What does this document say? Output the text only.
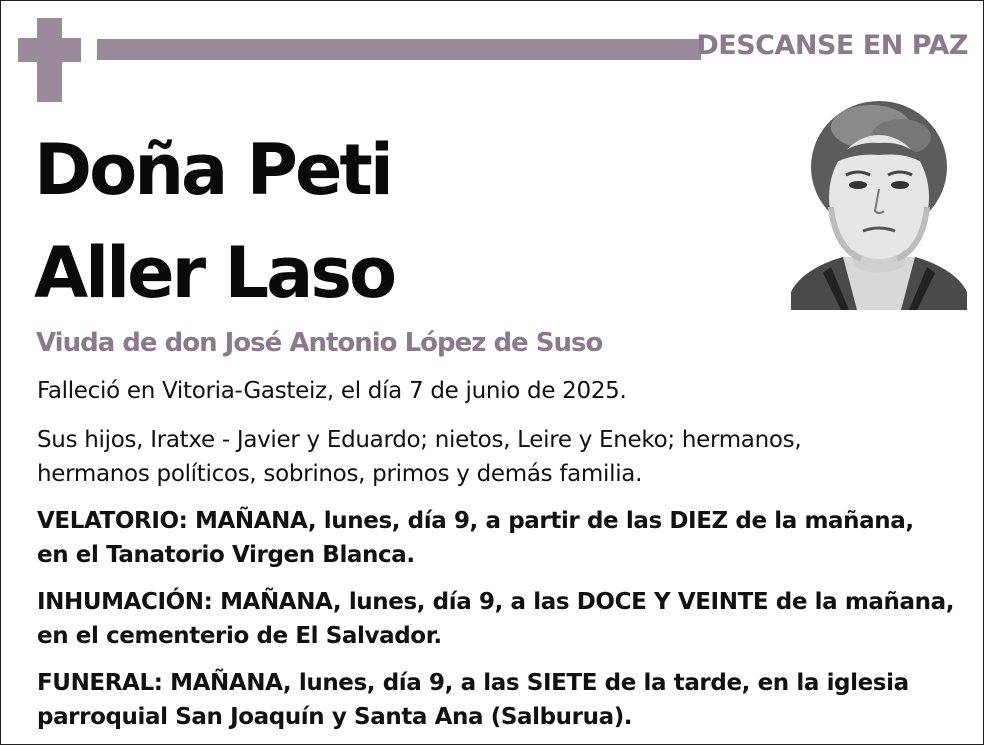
DESCANSE EN PAZ
Doña Peti
Aller Laso
Viuda de don José Antonio López de Suso
Falleció en Vitoria-Gasteiz, el día 7 de junio de 2025.
Sus hijos, Iratxe - Javier y Eduardo; nietos, Leire y Eneko; hermanos,
hermanos políticos, sobrinos, primos y demás familia.
VELATORIO: MAÑANA, lunes, día 9, a partir de las DIEZ de la mañana,
en el Tanatorio Virgen Blanca.
INHUMACIÓN: MAÑANA, lunes, día 9, a las DOCE Y VEINTE de la mañana,
en el cementerio de El Salvador.
FUNERAL: MAÑANA, lunes, día 9, a las SIETE de la tarde, en la iglesia
parroquial San Joaquín y Santa Ana (Salburua).
